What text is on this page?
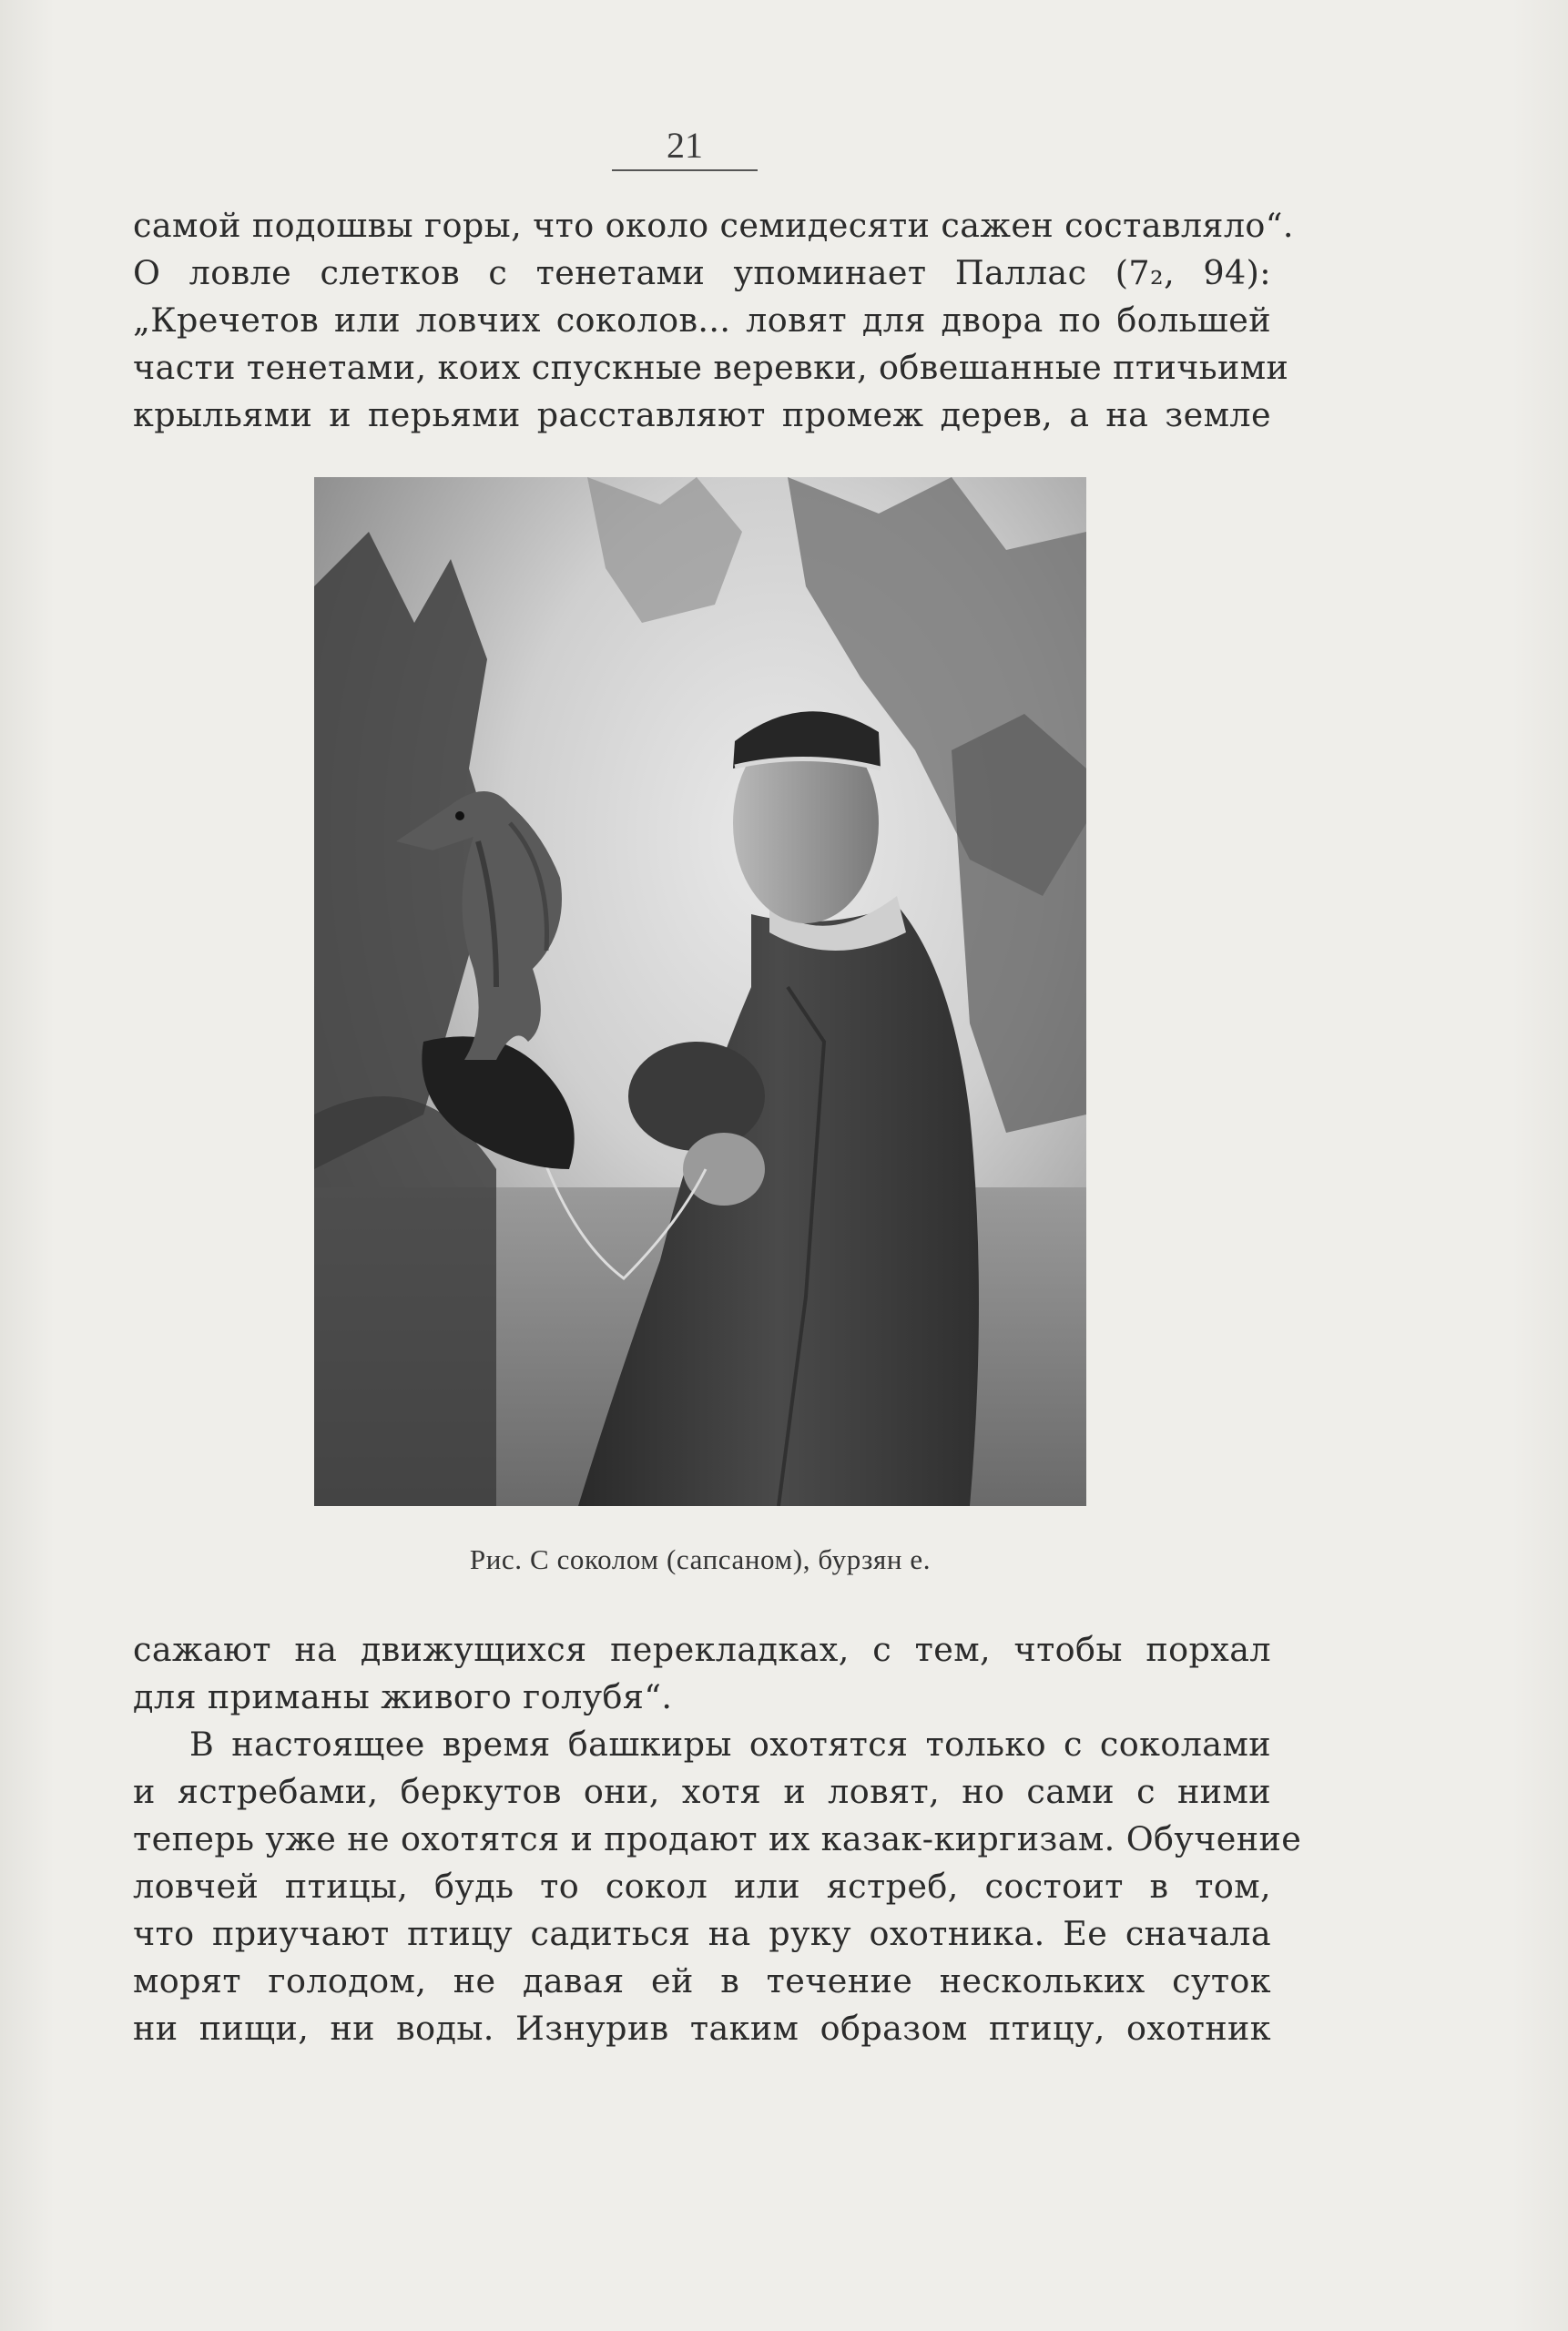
21
самой подошвы горы, что около семидесяти сажен составляло“.
О ловле слетков с тенетами упоминает Паллас (7₂, 94):
„Кречетов или ловчих соколов... ловят для двора по большей
части тенетами, коих спускные веревки, обвешанные птичьими
крыльями и перьями расставляют промеж дерев, а на земле
Рис. С соколом (сапсаном), бурзян е.
сажают на движущихся перекладках, с тем, чтобы порхал
для приманы живого голубя“.
В настоящее время башкиры охотятся только с соколами
и ястребами, беркутов они, хотя и ловят, но сами с ними
теперь уже не охотятся и продают их казак-киргизам. Обучение
ловчей птицы, будь то сокол или ястреб, состоит в том,
что приучают птицу садиться на руку охотника. Ее сначала
морят голодом, не давая ей в течение нескольких суток
ни пищи, ни воды. Изнурив таким образом птицу, охотник
